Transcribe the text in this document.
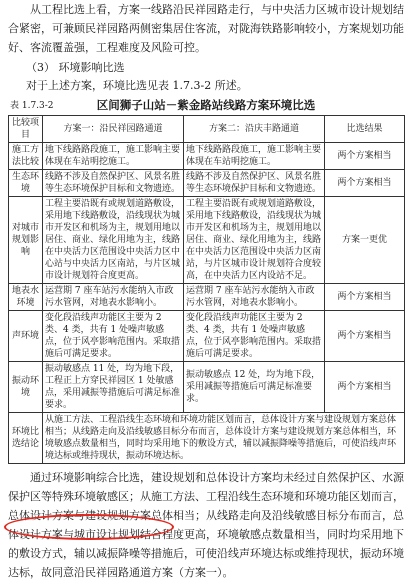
从工程比选上看，方案一线路沿民祥园路走行，与中央活力区城市设计规划结合紧密，可兼顾民祥园路两侧密集居住客流，对陇海铁路影响较小，方案规划功能好、客流覆盖强，工程难度及风险可控。

（3） 环境影响比选

对于上述方案，环境比选见表 1.7.3-2 所述。

表 1.7.3-2	区间狮子山站－紫金路站线路方案环境比选
比较项目	方案一：沿民祥园路通道	方案二：沿庆丰路通道	比选结果
施工方法比较	地下线路路段施工，施工影响主要体现在车站明挖施工。	地下线路路段施工，施工影响主要体现在车站明挖施工。	两个方案相当
生态环境	线路不涉及自然保护区、风景名胜等生态环境保护目标和文物遗迹。	线路不涉及自然保护区、风景名胜等生态环境保护目标和文物遗迹。	两个方案相当
对城市规划影响	工程主要沿既有或规划道路敷设，采用地下线路敷设，沿线现状为城市开发区和机场为主，规划用地以居住、商业、绿化用地为主，线路在中央活力区范围设中央活力区中心站与中央活力区南站，与片区城市设计规划符合度更高。	工程主要沿既有或规划道路敷设，采用地下线路敷设，沿线现状为城市开发区和机场为主，规划用地以居住、商业、绿化用地为主，线路在中央活力区范围设中央活力区南站，与片区城市设计规划符合度较高，在中央活力区内设站不足。	方案一更优
地表水环境	运营期 7 座车站污水能纳入市政污水管网，对地表水影响小。	运营期 7 座车站污水能纳入市政污水管网，对地表水影响小。	两个方案相当
声环境	变化段沿线声功能区主要为 2 类、4 类，共有 1 处噪声敏感点，位于风亭影响范围内。采取措施后可满足要求。	变化段沿线声功能区主要为 2 类、4 类，共有 1 处噪声敏感点，位于风亭影响范围内。采取措施后可满足要求。	两个方案相当
振动环境	振动敏感点 11 处，均为地下段，工程正上方穿民祥园区 1 处敏感点，采用减振等措施后可满足标准要求。	振动敏感点 12 处，均为地下段，采用减振等措施后可满足标准要求。	两个方案相当
环境比选结论	从施工方法、工程沿线生态环境和环境功能区划而言，总体设计方案与建设规划方案总体相当；从线路走向及沿线敏感目标分布而言，总体设计方案与建设规划方案总体相当，环境敏感点数量相当，同时均采用地下的敷设方式，辅以减振降噪等措施后，可使沿线声环境达标或维持现状，振动环境达标。		

通过环境影响综合比选，建设规划和总体设计方案均未经过自然保护区、水源保护区等特殊环境敏感区；从施工方法、工程沿线生态环境和环境功能区划而言，总体设计方案与建设规划方案总体相当；从线路走向及沿线敏感目标分布而言，总体设计方案与城市设计规划结合程度更高，环境敏感点数量相当，同时均采用地下的敷设方式，辅以减振降噪等措施后，可使沿线声环境达标或维持现状，振动环境达标，故同意沿民祥园路通道方案（方案一）。
